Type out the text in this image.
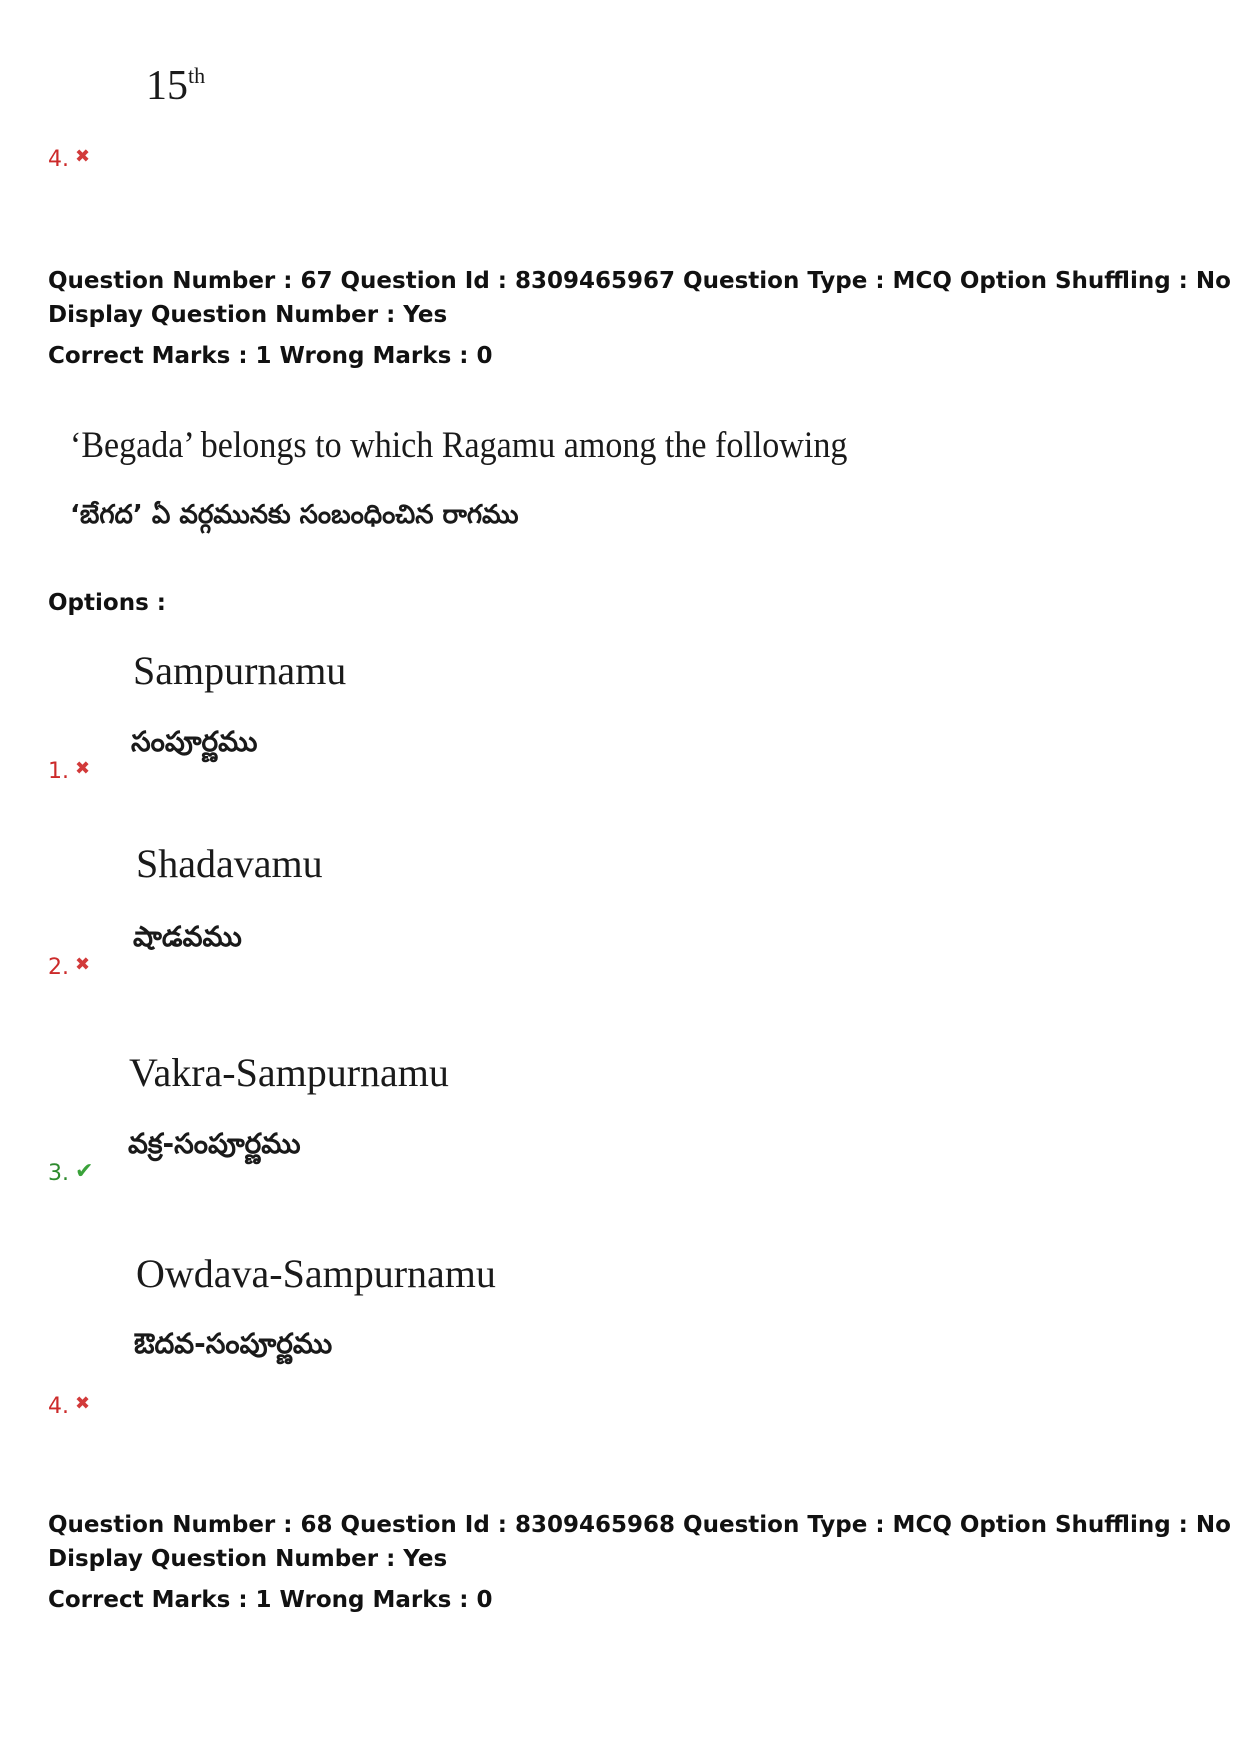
15th
4. ✖
Question Number : 67 Question Id : 8309465967 Question Type : MCQ Option Shuffling : No
Display Question Number : Yes
Correct Marks : 1 Wrong Marks : 0
‘Begada’ belongs to which Ragamu among the following
‘బేగద’ ఏ వర్గమునకు సంబంధించిన రాగము
Options :
Sampurnamu
సంపూర్ణము
1. ✖
Shadavamu
షాడవము
2. ✖
Vakra-Sampurnamu
వక్ర-సంపూర్ణము
3. ✔
Owdava-Sampurnamu
ఔదవ-సంపూర్ణము
4. ✖
Question Number : 68 Question Id : 8309465968 Question Type : MCQ Option Shuffling : No
Display Question Number : Yes
Correct Marks : 1 Wrong Marks : 0
